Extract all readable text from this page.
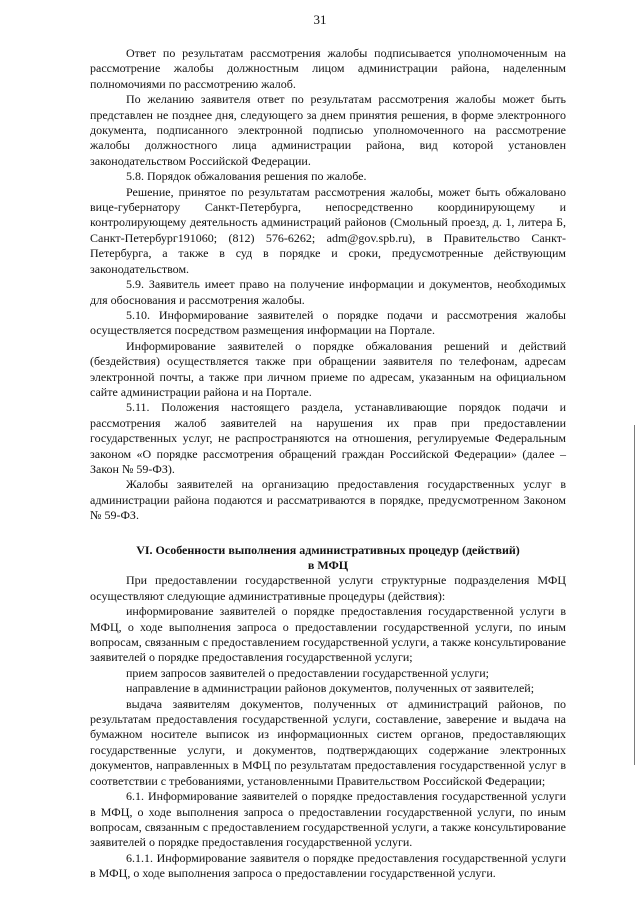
31

Ответ по результатам рассмотрения жалобы подписывается уполномоченным на рассмотрение жалобы должностным лицом администрации района, наделенным полномочиями по рассмотрению жалоб.

По желанию заявителя ответ по результатам рассмотрения жалобы может быть представлен не позднее дня, следующего за днем принятия решения, в форме электронного документа, подписанного электронной подписью уполномоченного на рассмотрение жалобы должностного лица администрации района, вид которой установлен законодательством Российской Федерации.

5.8. Порядок обжалования решения по жалобе.

Решение, принятое по результатам рассмотрения жалобы, может быть обжаловано вице-губернатору Санкт-Петербурга, непосредственно координирующему и контролирующему деятельность администраций районов (Смольный проезд, д. 1, литера Б, Санкт-Петербург191060; (812) 576-6262; adm@gov.spb.ru), в Правительство Санкт-Петербурга, а также в суд в порядке и сроки, предусмотренные действующим законодательством.

5.9. Заявитель имеет право на получение информации и документов, необходимых для обоснования и рассмотрения жалобы.

5.10. Информирование заявителей о порядке подачи и рассмотрения жалобы осуществляется посредством размещения информации на Портале.

Информирование заявителей о порядке обжалования решений и действий (бездействия) осуществляется также при обращении заявителя по телефонам, адресам электронной почты, а также при личном приеме по адресам, указанным на официальном сайте администрации района и на Портале.

5.11. Положения настоящего раздела, устанавливающие порядок подачи и рассмотрения жалоб заявителей на нарушения их прав при предоставлении государственных услуг, не распространяются на отношения, регулируемые Федеральным законом «О порядке рассмотрения обращений граждан Российской Федерации» (далее – Закон № 59-ФЗ).

Жалобы заявителей на организацию предоставления государственных услуг в администрации района подаются и рассматриваются в порядке, предусмотренном Законом № 59-ФЗ.

VI. Особенности выполнения административных процедур (действий)
в МФЦ

При предоставлении государственной услуги структурные подразделения МФЦ осуществляют следующие административные процедуры (действия):

информирование заявителей о порядке предоставления государственной услуги в МФЦ, о ходе выполнения запроса о предоставлении государственной услуги, по иным вопросам, связанным с предоставлением государственной услуги, а также консультирование заявителей о порядке предоставления государственной услуги;

прием запросов заявителей о предоставлении государственной услуги;

направление в администрации районов документов, полученных от заявителей;

выдача заявителям документов, полученных от администраций районов, по результатам предоставления государственной услуги, составление, заверение и выдача на бумажном носителе выписок из информационных систем органов, предоставляющих государственные услуги, и документов, подтверждающих содержание электронных документов, направленных в МФЦ по результатам предоставления государственной услуг в соответствии с требованиями, установленными Правительством Российской Федерации;

6.1. Информирование заявителей о порядке предоставления государственной услуги в МФЦ, о ходе выполнения запроса о предоставлении государственной услуги, по иным вопросам, связанным с предоставлением государственной услуги, а также консультирование заявителей о порядке предоставления государственной услуги.

6.1.1. Информирование заявителя о порядке предоставления государственной услуги в МФЦ, о ходе выполнения запроса о предоставлении государственной услуги.
